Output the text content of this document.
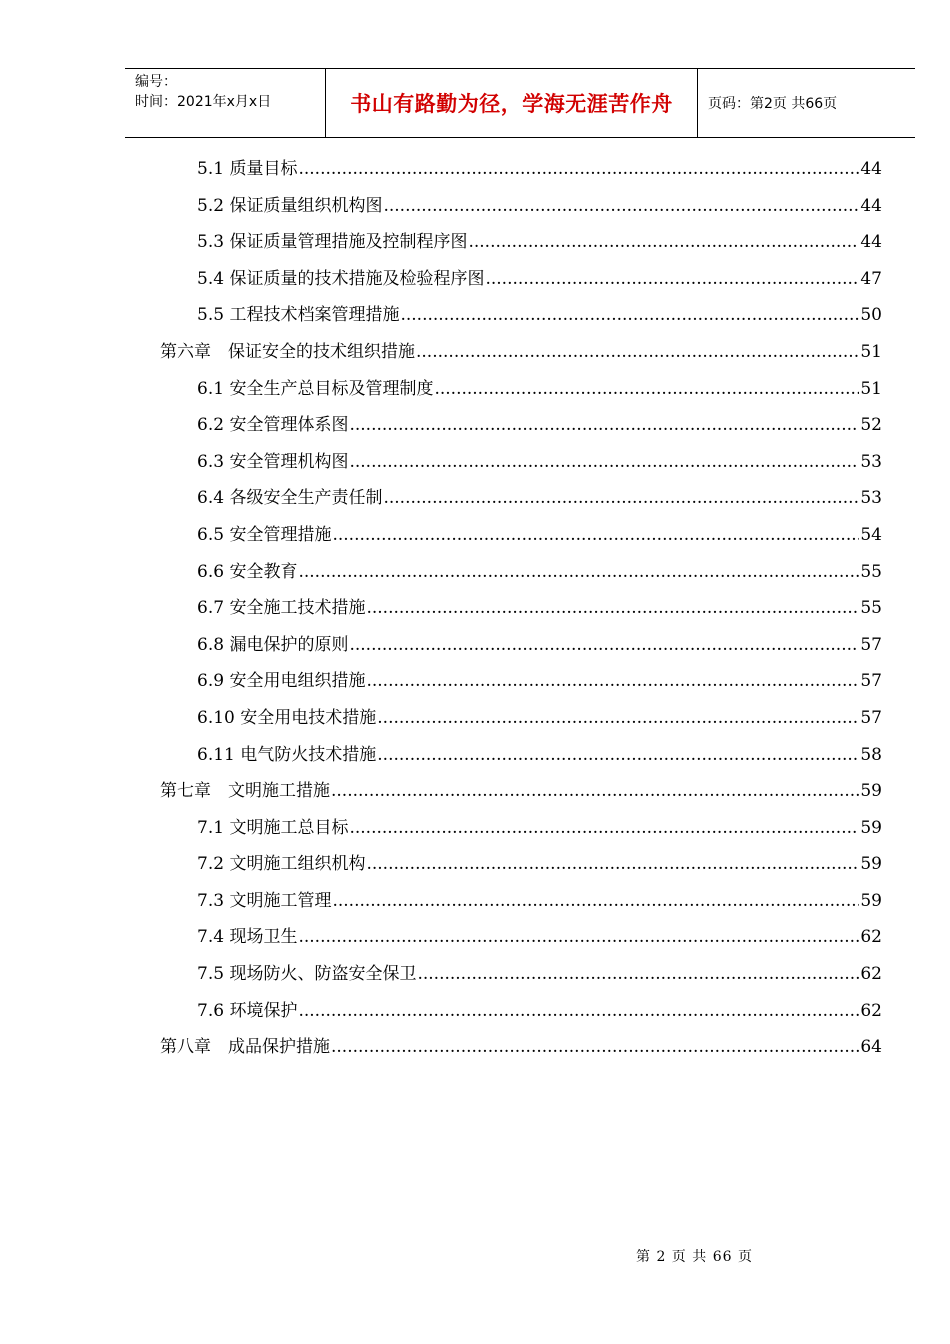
编号：
时间：2021年x月x日	书山有路勤为径，学海无涯苦作舟	页码：第2页 共66页
5.1 质量目标 .....	44
5.2 保证质量组织机构图 .....	44
5.3 保证质量管理措施及控制程序图 .....	44
5.4 保证质量的技术措施及检验程序图 .....	47
5.5 工程技术档案管理措施 .....	50
第六章　保证安全的技术组织措施 .....	51
6.1 安全生产总目标及管理制度 .....	51
6.2 安全管理体系图 .....	52
6.3 安全管理机构图 .....	53
6.4 各级安全生产责任制 .....	53
6.5 安全管理措施 .....	54
6.6 安全教育 .....	55
6.7 安全施工技术措施 .....	55
6.8 漏电保护的原则 .....	57
6.9 安全用电组织措施 .....	57
6.10 安全用电技术措施 .....	57
6.11 电气防火技术措施 .....	58
第七章　文明施工措施 .....	59
7.1 文明施工总目标 .....	59
7.2 文明施工组织机构 .....	59
7.3 文明施工管理 .....	59
7.4 现场卫生 .....	62
7.5 现场防火、防盗安全保卫 .....	62
7.6 环境保护 .....	62
第八章　成品保护措施 .....	64
第 2 页 共 66 页
